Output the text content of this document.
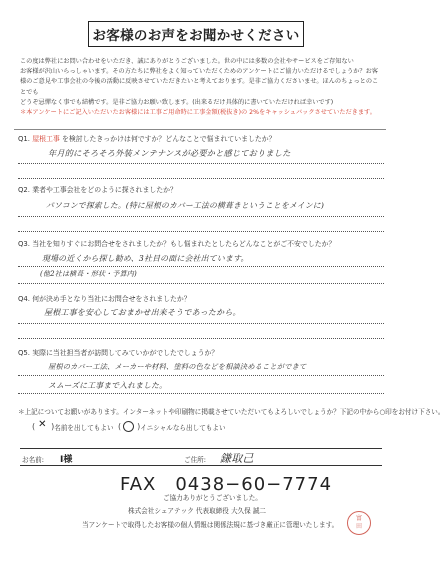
お客様のお声をお聞かせください
この度は弊社にお問い合わせをいただき、誠にありがとうございました。世の中には多数の会社やサービスをご存知ない
お客様が沢山いらっしゃいます。その方たちに弊社をよく知っていただくためのアンケートにご協力いただけるでしょうか？お客
様のご意見や工事会社の今後の活動に反映させていただきたいと考えております。是非ご協力くださいませ。ほんのちょっとのことでも
どうぞ忌憚なく事でも結構です。是非ご協力お願い致します。(出来るだけ具体的に書いていただければ幸いです)
＊本アンケートにご記入いただいたお客様には工事ご用命時に工事金額(税抜き)の 2%をキャッシュバックさせていただきます。
Q1. 屋根工事 を検討したきっかけは何ですか？どんなことで悩まれていましたか？
年月的にそろそろ外装メンテナンスが必要かと感じておりました
Q2. 業者や工事会社をどのように探されましたか？
パソコンで探索した。(特に屋根のカバー工法の横葺きということをメインに)
Q3. 当社を知りすぐにお問合せをされましたか？もし悩まれたとしたらどんなことがご不安でしたか？
現場の近くから探し勧め、3社目の面に会社出ています。
(他2社は横葺・形状・予算内)
Q4. 何が決め手となり当社にお問合せをされましたか？
屋根工事を安心しておまかせ出来そうであったから。
Q5. 実際に当社担当者が訪問してみていかがでしたでしょうか？
屋根のカバー工法、メーカーや材料、塗料の色などを相談決めることができて
スムーズに工事まで入れました。
＊上記についてお願いがあります。インターネットや印刷物に掲載させていただいてもよろしいでしょうか？下記の中から○印をお付け下さい。
( ✕ ) 名前を出してもよい ( ) イニシャルなら出してもよい
お名前: I様	ご住所: 鎌取己
FAX　0438−60−7774
ご協力ありがとうございました。
株式会社シェアテック 代表取締役 大久保 誠二
当アンケートで取得したお客様の個人情報は関係法規に基づき厳正に管理いたします。
富
田
